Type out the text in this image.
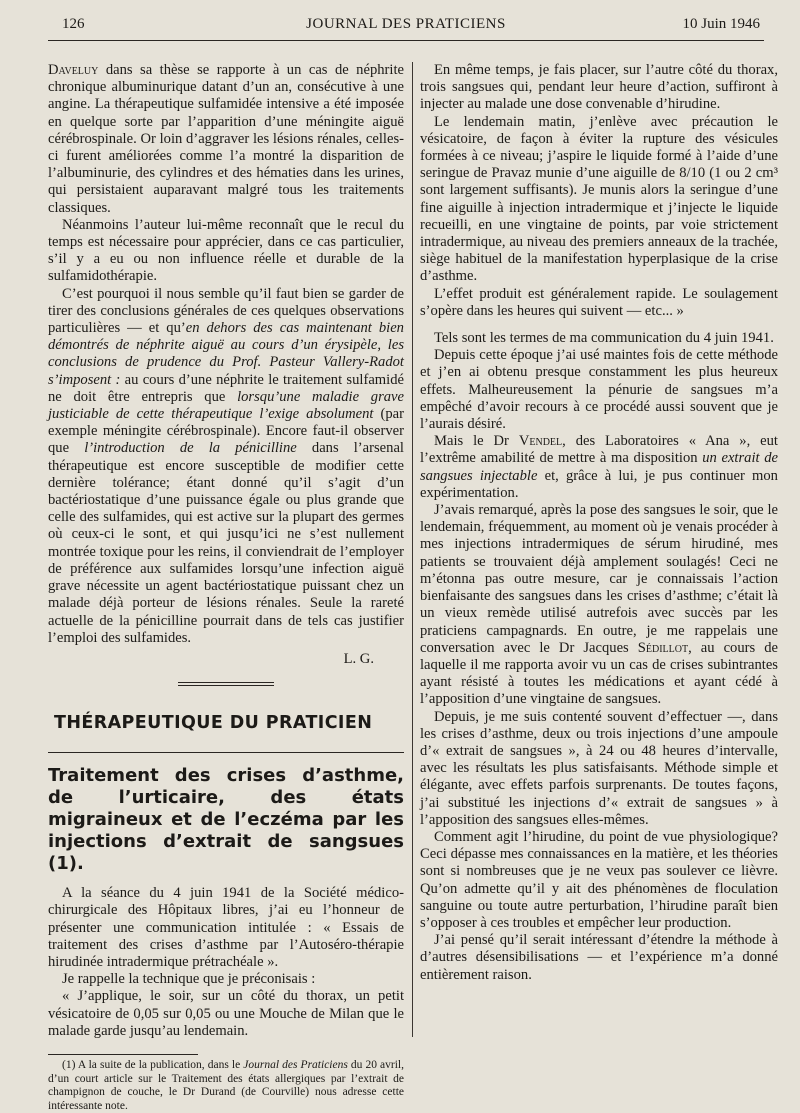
126	JOURNAL DES PRATICIENS	10 Juin 1946

Daveluy dans sa thèse se rapporte à un cas de néphrite chronique albuminurique datant d’un an, consécutive à une angine. La thérapeutique sulfamidée intensive a été imposée en quelque sorte par l’apparition d’une méningite aiguë cérébrospinale. Or loin d’aggraver les lésions rénales, celles-ci furent améliorées comme l’a montré la disparition de l’albuminurie, des cylindres et des hématies dans les urines, qui persistaient auparavant malgré tous les traitements classiques.

Néanmoins l’auteur lui-même reconnaît que le recul du temps est nécessaire pour apprécier, dans ce cas particulier, s’il y a eu ou non influence réelle et durable de la sulfamidothérapie.

C’est pourquoi il nous semble qu’il faut bien se garder de tirer des conclusions générales de ces quelques observations particulières — et qu’en dehors des cas maintenant bien démontrés de néphrite aiguë au cours d’un érysipèle, les conclusions de prudence du Prof. Pasteur Vallery-Radot s’imposent : au cours d’une néphrite le traitement sulfamidé ne doit être entrepris que lorsqu’une maladie grave justiciable de cette thérapeutique l’exige absolument (par exemple méningite cérébrospinale). Encore faut-il observer que l’introduction de la pénicilline dans l’arsenal thérapeutique est encore susceptible de modifier cette dernière tolérance; étant donné qu’il s’agit d’un bactériostatique d’une puissance égale ou plus grande que celle des sulfamides, qui est active sur la plupart des germes où ceux-ci le sont, et qui jusqu’ici ne s’est nullement montrée toxique pour les reins, il conviendrait de l’employer de préférence aux sulfamides lorsqu’une infection aiguë grave nécessite un agent bactériostatique puissant chez un malade déjà porteur de lésions rénales. Seule la rareté actuelle de la pénicilline pourrait dans de tels cas justifier l’emploi des sulfamides.

L. G.
THÉRAPEUTIQUE DU PRATICIEN
Traitement des crises d’asthme, de l’urticaire, des états migraineux et de l’eczéma par les injections d’extrait de sangsues (1).

A la séance du 4 juin 1941 de la Société médico-chirurgicale des Hôpitaux libres, j’ai eu l’honneur de présenter une communication intitulée : « Essais de traitement des crises d’asthme par l’Autoséro-thérapie hirudinée intradermique prétrachéale ».

Je rappelle la technique que je préconisais :

« J’applique, le soir, sur un côté du thorax, un petit vésicatoire de 0,05 sur 0,05 ou une Mouche de Milan que le malade garde jusqu’au lendemain.

(1) A la suite de la publication, dans le Journal des Praticiens du 20 avril, d’un court article sur le Traitement des états allergiques par l’extrait de champignon de couche, le Dr Durand (de Courville) nous adresse cette intéressante note.

En même temps, je fais placer, sur l’autre côté du thorax, trois sangsues qui, pendant leur heure d’action, suffiront à injecter au malade une dose convenable d’hirudine.

Le lendemain matin, j’enlève avec précaution le vésicatoire, de façon à éviter la rupture des vésicules formées à ce niveau; j’aspire le liquide formé à l’aide d’une seringue de Pravaz munie d’une aiguille de 8/10 (1 ou 2 cm³ sont largement suffisants). Je munis alors la seringue d’une fine aiguille à injection intradermique et j’injecte le liquide recueilli, en une vingtaine de points, par voie strictement intradermique, au niveau des premiers anneaux de la trachée, siège habituel de la manifestation hyperplasique de la crise d’asthme.

L’effet produit est généralement rapide. Le soulagement s’opère dans les heures qui suivent — etc... »

Tels sont les termes de ma communication du 4 juin 1941.

Depuis cette époque j’ai usé maintes fois de cette méthode et j’en ai obtenu presque constamment les plus heureux effets. Malheureusement la pénurie de sangsues m’a empêché d’avoir recours à ce procédé aussi souvent que je l’aurais désiré.

Mais le Dr Vendel, des Laboratoires « Ana », eut l’extrême amabilité de mettre à ma disposition un extrait de sangsues injectable et, grâce à lui, je pus continuer mon expérimentation.

J’avais remarqué, après la pose des sangsues le soir, que le lendemain, fréquemment, au moment où je venais procéder à mes injections intradermiques de sérum hirudiné, mes patients se trouvaient déjà amplement soulagés! Ceci ne m’étonna pas outre mesure, car je connaissais l’action bienfaisante des sangsues dans les crises d’asthme; c’était là un vieux remède utilisé autrefois avec succès par les praticiens campagnards. En outre, je me rappelais une conversation avec le Dr Jacques Sédillot, au cours de laquelle il me rapporta avoir vu un cas de crises subintrantes ayant résisté à toutes les médications et ayant cédé à l’apposition d’une vingtaine de sangsues.

Depuis, je me suis contenté souvent d’effectuer —, dans les crises d’asthme, deux ou trois injections d’une ampoule d’« extrait de sangsues », à 24 ou 48 heures d’intervalle, avec les résultats les plus satisfaisants. Méthode simple et élégante, avec effets parfois surprenants. De toutes façons, j’ai substitué les injections d’« extrait de sangsues » à l’apposition des sangsues elles-mêmes.

Comment agit l’hirudine, du point de vue physiologique? Ceci dépasse mes connaissances en la matière, et les théories sont si nombreuses que je ne veux pas soulever ce lièvre. Qu’on admette qu’il y ait des phénomènes de floculation sanguine ou toute autre perturbation, l’hirudine paraît bien s’opposer à ces troubles et empêcher leur production.

J’ai pensé qu’il serait intéressant d’étendre la méthode à d’autres désensibilisations — et l’expérience m’a donné entièrement raison.
